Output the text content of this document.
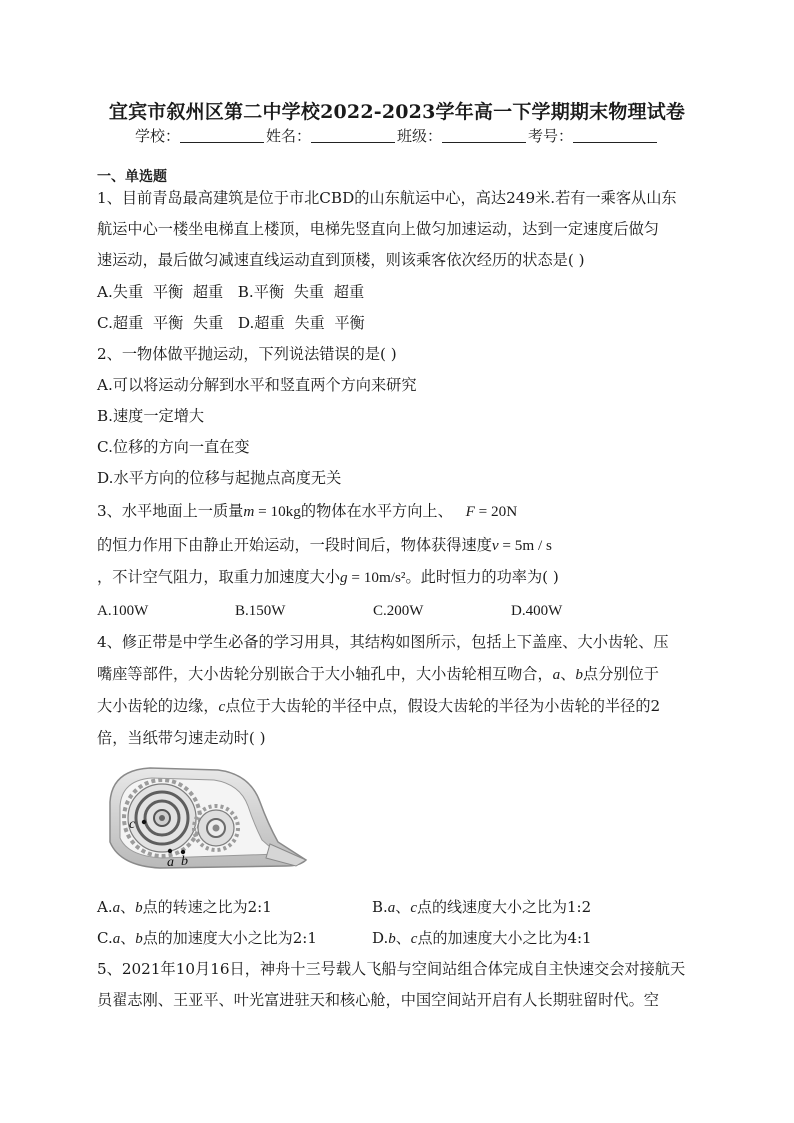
宜宾市叙州区第二中学校2022-2023学年高一下学期期末物理试卷
学校：	姓名：	班级：	考号：
一、单选题
1、目前青岛最高建筑是位于市北CBD的山东航运中心，高达249米.若有一乘客从山东
航运中心一楼坐电梯直上楼顶，电梯先竖直向上做匀加速运动，达到一定速度后做匀
速运动，最后做匀减速直线运动直到顶楼，则该乘客依次经历的状态是( )
A.失重  平衡  超重   B.平衡  失重  超重
C.超重  平衡  失重   D.超重  失重  平衡
2、一物体做平抛运动，下列说法错误的是( )
A.可以将运动分解到水平和竖直两个方向来研究
B.速度一定增大
C.位移的方向一直在变
D.水平方向的位移与起抛点高度无关
3、水平地面上一质量m = 10kg的物体在水平方向上、 F = 20N
的恒力作用下由静止开始运动，一段时间后，物体获得速度v = 5m / s
，不计空气阻力，取重力加速度大小g = 10m/s²。此时恒力的功率为( )
A.100W	B.150W	C.200W	D.400W
4、修正带是中学生必备的学习用具，其结构如图所示，包括上下盖座、大小齿轮、压
嘴座等部件，大小齿轮分别嵌合于大小轴孔中，大小齿轮相互吻合，a、b点分别位于
大小齿轮的边缘，c点位于大齿轮的半径中点，假设大齿轮的半径为小齿轮的半径的2
倍，当纸带匀速走动时( )
c
a b
A.a、b点的转速之比为2:1	B.a、c点的线速度大小之比为1:2
C.a、b点的加速度大小之比为2:1	D.b、c点的加速度大小之比为4:1
5、2021年10月16日，神舟十三号载人飞船与空间站组合体完成自主快速交会对接航天
员翟志刚、王亚平、叶光富进驻天和核心舱，中国空间站开启有人长期驻留时代。空
